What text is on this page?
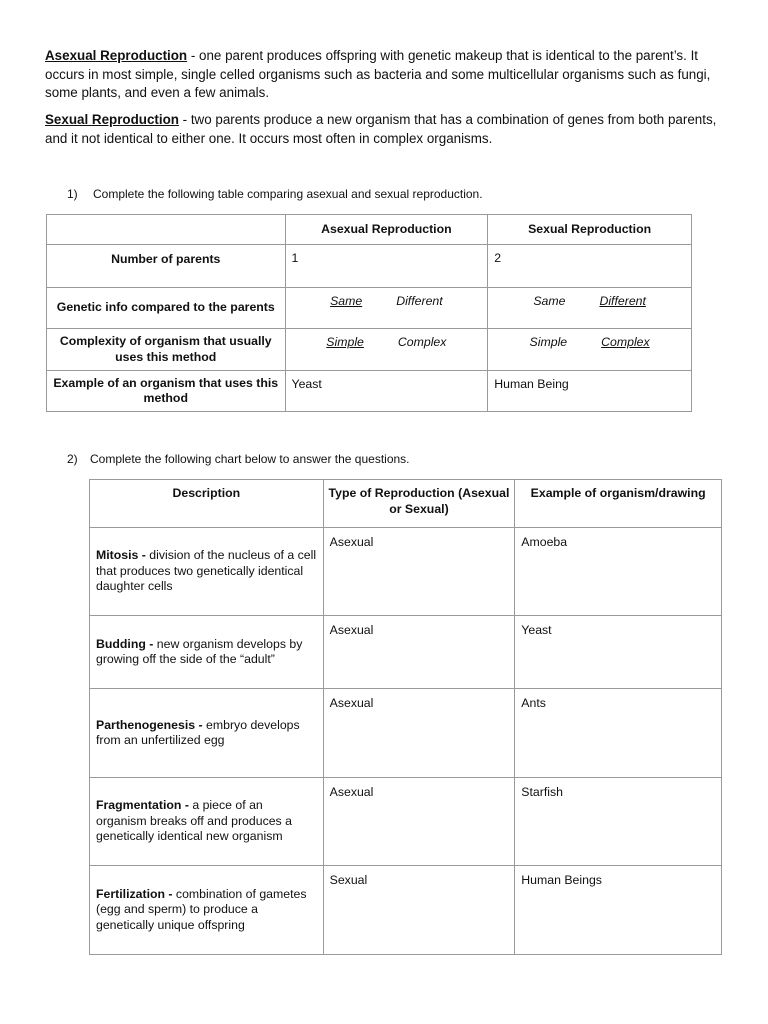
Asexual Reproduction - one parent produces offspring with genetic makeup that is identical to the parent’s. It occurs in most simple, single celled organisms such as bacteria and some multicellular organisms such as fungi, some plants, and even a few animals.

Sexual Reproduction - two parents produce a new organism that has a combination of genes from both parents, and it not identical to either one. It occurs most often in complex organisms.

1) Complete the following table comparing asexual and sexual reproduction.
	Asexual Reproduction	Sexual Reproduction
Number of parents	1	2
Genetic info compared to the parents	Same Different	Same Different

Complexity of organism that usually uses this method	Simple Complex	Simple Complex

Example of an organism that uses this method	Yeast	Human Being
2) Complete the following chart below to answer the questions.
Description	Type of Reproduction (Asexual or Sexual)	Example of organism/drawing
Mitosis - division of the nucleus of a cell that produces two genetically identical daughter cells	Asexual	Amoeba
Budding - new organism develops by growing off the side of the “adult”	Asexual	Yeast
Parthenogenesis - embryo develops from an unfertilized egg	Asexual	Ants
Fragmentation - a piece of an organism breaks off and produces a genetically identical new organism	Asexual	Starfish
Fertilization - combination of gametes (egg and sperm) to produce a genetically unique offspring	Sexual	Human Beings
